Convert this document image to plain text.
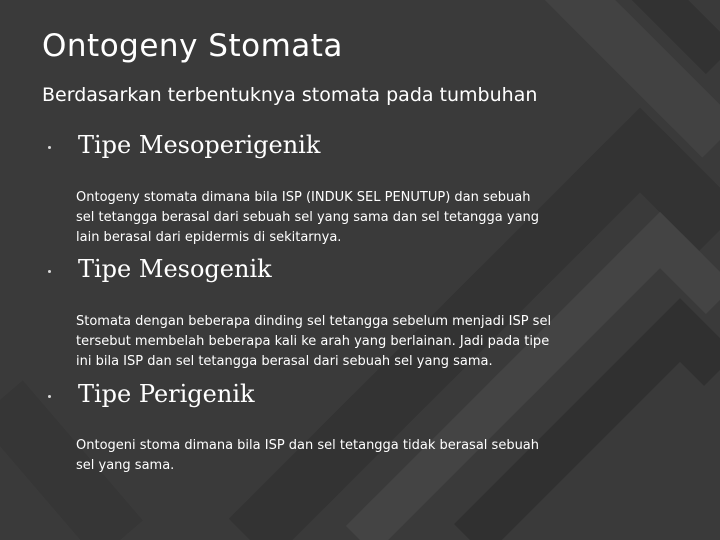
Ontogeny Stomata
Berdasarkan terbentuknya stomata pada tumbuhan
Tipe Mesoperigenik
Ontogeny stomata dimana bila ISP (INDUK SEL PENUTUP) dan sebuah
sel tetangga berasal dari sebuah sel yang sama dan sel tetangga yang
lain berasal dari epidermis di sekitarnya.
Tipe Mesogenik
Stomata dengan beberapa dinding sel tetangga sebelum menjadi ISP sel
tersebut membelah beberapa kali ke arah yang berlainan. Jadi pada tipe
ini bila ISP dan sel tetangga berasal dari sebuah sel yang sama.
Tipe Perigenik
Ontogeni stoma dimana bila ISP dan sel tetangga tidak berasal sebuah
sel yang sama.
